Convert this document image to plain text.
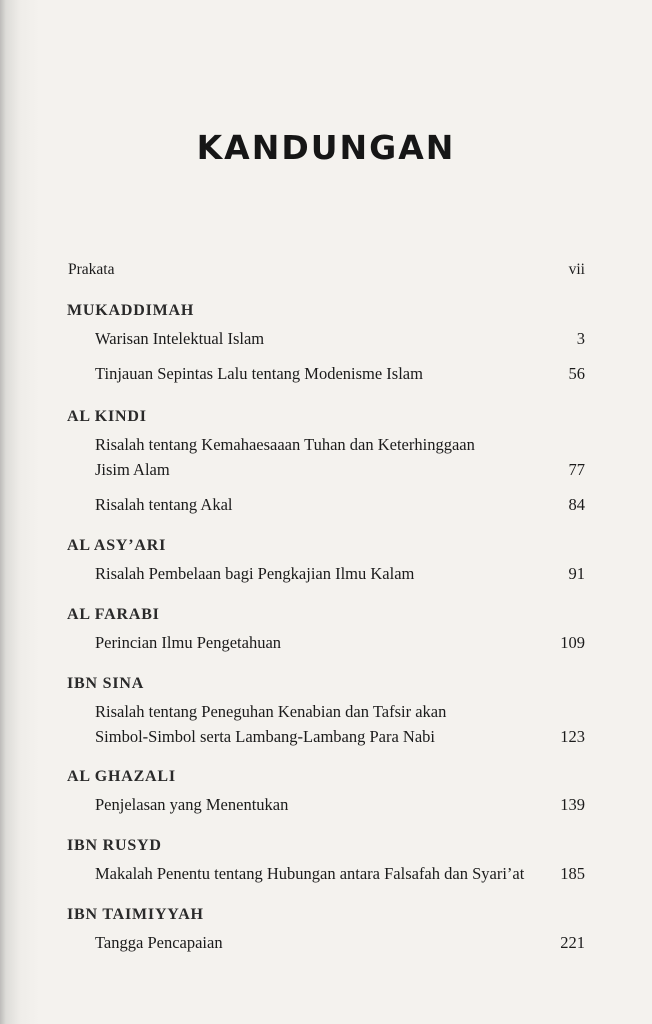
KANDUNGAN
Prakata	vii
MUKADDIMAH
Warisan Intelektual Islam	3
Tinjauan Sepintas Lalu tentang Modenisme Islam	56
AL KINDI
Risalah tentang Kemahaesaaan Tuhan dan Keterhinggaan
Jisim Alam	77
Risalah tentang Akal	84
AL ASY’ARI
Risalah Pembelaan bagi Pengkajian Ilmu Kalam	91
AL FARABI
Perincian Ilmu Pengetahuan	109
IBN SINA
Risalah tentang Peneguhan Kenabian dan Tafsir akan
Simbol-Simbol serta Lambang-Lambang Para Nabi	123
AL GHAZALI
Penjelasan yang Menentukan	139
IBN RUSYD
Makalah Penentu tentang Hubungan antara Falsafah dan Syari’at 185
IBN TAIMIYYAH
Tangga Pencapaian	221
